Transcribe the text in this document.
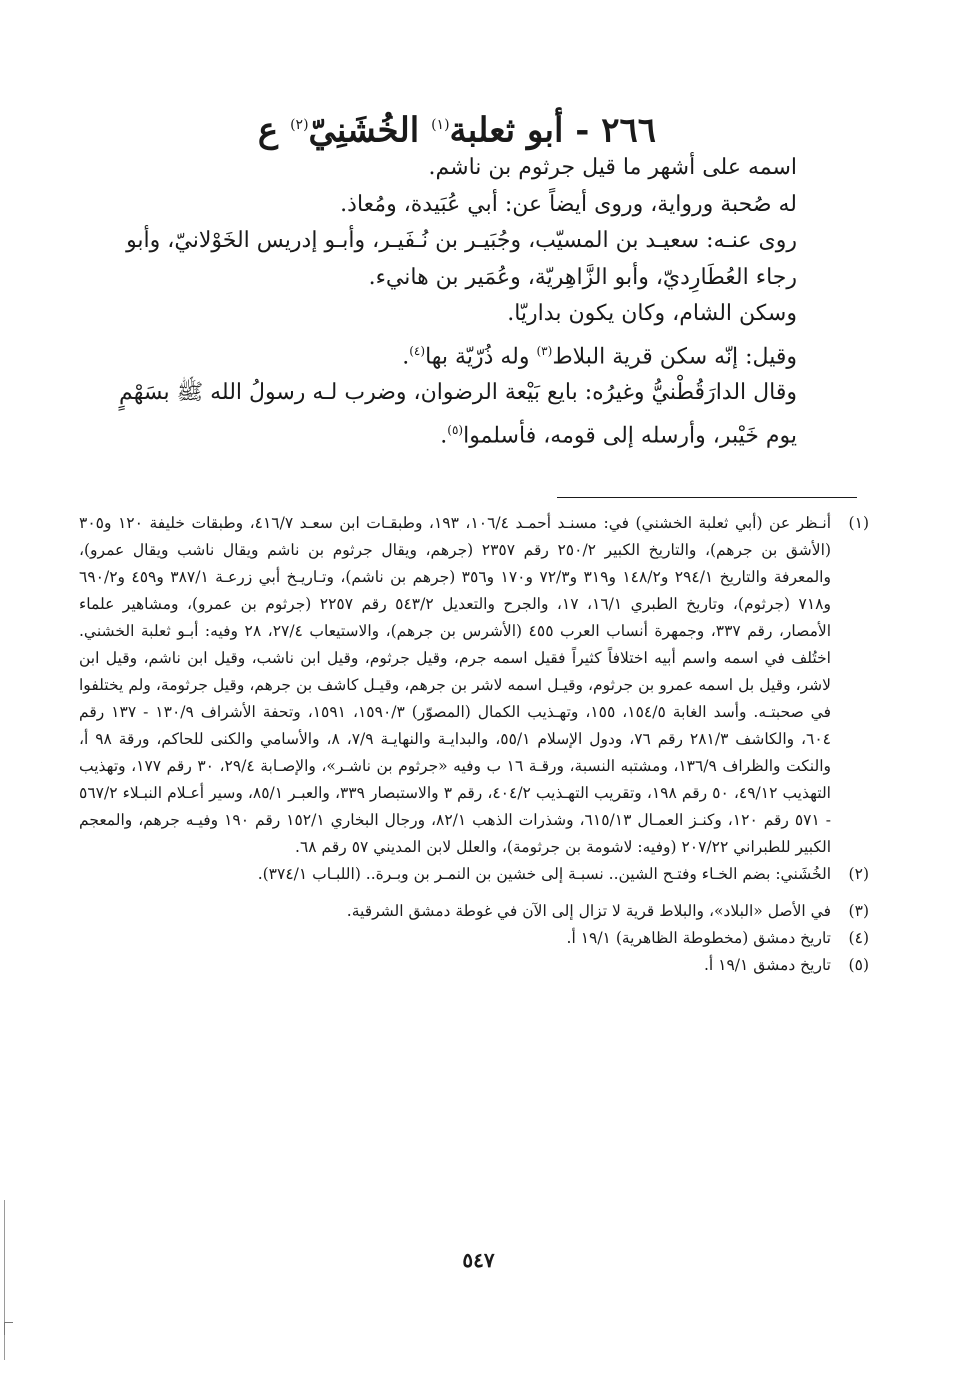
٢٦٦ - أبو ثعلبة$^{(١)}$ الخُشَنِيّ$^{(٢)}$ ع

اسمه على أشهر ما قيل جرثوم بن ناشم.

له صُحبة ورواية، وروى أيضاً عن: أبي عُبَيدة، ومُعاذ.

روى عنـه: سعيـد بن المسيّب، وجُبَيـر بن نُـفَيـر، وأبـو إدريس الخَوْلانيّ، وأبو رجاء العُطَارِديّ، وأبو الزَّاهِريّة، وعُمَير بن هانيء.

وسكن الشام، وكان يكون بداريّا.

وقيل: إنّه سكن قرية البلاط$^{(٣)}$ وله ذُرّيّة بها$^{(٤)}$.

وقال الدارَقُطْنيُّ وغيرُه: بايع بَيْعة الرضوان، وضرب لـه رسولُ الله ﷺ بسَهْمٍ يوم خَيْبر، وأرسله إلى قومه، فأسلموا$^{(٥)}$.

(١)
أنـظر عن (أبي ثعلبة الخشني) في: مسنـد أحمـد ١٠٦/٤، ١٩٣، وطبقـات ابن سعـد ٤١٦/٧، وطبقات خليفة ١٢٠ و٣٠٥ (الأشق بن جرهم)، والتاريخ الكبير ٢٥٠/٢ رقم ٢٣٥٧ (جرهم، ويقال جرثوم بن ناشم ويقال ناشب ويقال عمرو)، والمعرفة والتاريخ ٢٩٤/١ و١٤٨/٢ و٣١٩ و٧٢/٣ و١٧٠ و٣٥٦ (جرهم بن ناشم)، وتـاريـخ أبي زرعـة ٣٨٧/١ و٤٥٩ و٦٩٠/٢ و٧١٨ (جرثوم)، وتاريخ الطبري ١٦/١، ١٧، والجرح والتعديل ٥٤٣/٢ رقم ٢٢٥٧ (جرثوم بن عمرو)، ومشاهير علماء الأمصار، رقم ٣٣٧، وجمهرة أنساب العرب ٤٥٥ (الأشرس بن جرهم)، والاستيعاب ٢٧/٤، ٢٨ وفيه: أبـو ثعلبة الخشني. اختُلف في اسمه واسم أبيه اختلافاً كثيراً فقيل اسمه جرم، وقيل جرثوم، وقيل ابن ناشب، وقيل ابن ناشم، وقيل ابن لاشر، وقيل بل اسمه عمرو بن جرثوم، وقيـل اسمه لاشر بن جرهم، وقيـل كاشف بن جرهم، وقيل جرثومة، ولم يختلفوا في صحبتـه. وأسد الغابة ١٥٤/٥، ١٥٥، وتهـذيب الكمال (المصوّر) ١٥٩٠/٣، ١٥٩١، وتحفة الأشراف ١٣٠/٩ - ١٣٧ رقم ٦٠٤، والكاشف ٢٨١/٣ رقم ٧٦، ودول الإسلام ٥٥/١، والبدايـة والنهايـة ٧/٩، ٨، والأسامي والكنى للحاكم، ورقة ٩٨ أ، والنكت والظراف ١٣٦/٩، ومشتبه النسبة، ورقـة ١٦ ب وفيه «جرثوم بن ناشـر»، والإصـابة ٢٩/٤، ٣٠ رقم ١٧٧، وتهذيب التهذيب ٤٩/١٢، ٥٠ رقم ١٩٨، وتقريب التهـذيب ٤٠٤/٢، رقم ٣ والاستبصار ٣٣٩، والعبـر ٨٥/١، وسير أعـلام النبـلاء ٥٦٧/٢ - ٥٧١ رقم ١٢٠، وكنـز العمـال ٦١٥/١٣، وشذرات الذهب ٨٢/١، ورجال البخاري ١٥٢/١ رقم ١٩٠ وفيـه جرهم، والمعجم الكبير للطبراني ٢٠٧/٢٢ (وفيه: لاشومة بن جرثومة)، والعلل لابن المديني ٥٧ رقم ٦٨.
(٢)
الخُشَني: بضم الخـاء وفتـح الشين.. نسبـة إلى خشين بن النمـر بن وبـرة.. (اللبـاب ٣٧٤/١).
(٣)
في الأصل «البلاد»، والبلاط قرية لا تزال إلى الآن في غوطة دمشق الشرقية.
(٤)
تاريخ دمشق (مخطوطة الظاهرية) ١٩/١ أ.
(٥)
تاريخ دمشق ١٩/١ أ.
٥٤٧
